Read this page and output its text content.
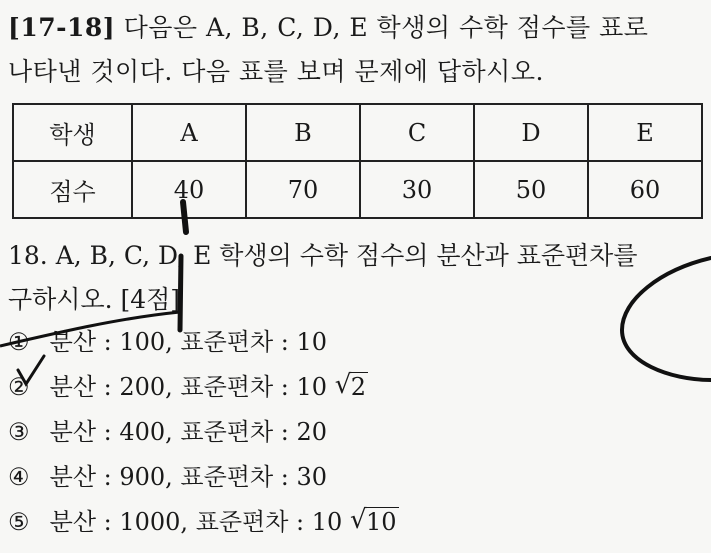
[17-18] 다음은 A, B, C, D, E 학생의 수학 점수를 표로
나타낸 것이다. 다음 표를 보며 문제에 답하시오.
학생	A	B	C	D	E
점수	40	70	30	50	60
18. A, B, C, D, E 학생의 수학 점수의 분산과 표준편차를
구하시오. [4점]
① 분산 : 100, 표준편차 : 10
② 분산 : 200, 표준편차 : 10 √ 2
③ 분산 : 400, 표준편차 : 20
④ 분산 : 900, 표준편차 : 30
⑤ 분산 : 1000, 표준편차 : 10 √ 10
